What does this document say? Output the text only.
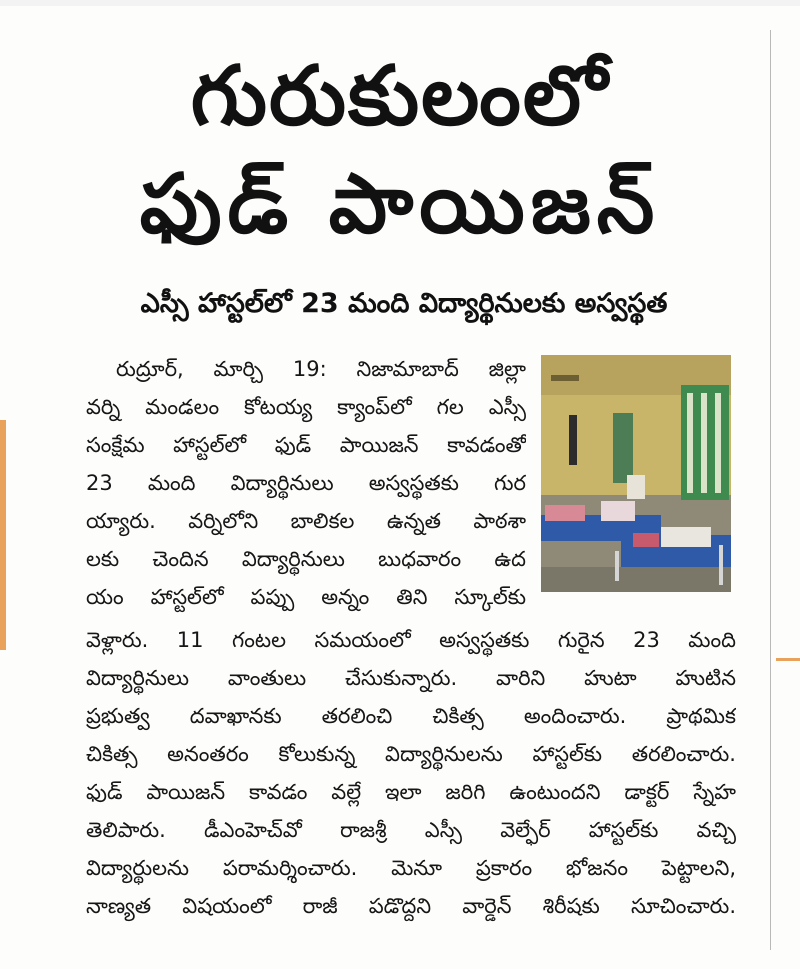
గురుకులంలో
ఫుడ్ పాయిజన్
ఎస్సీ హాస్టల్‌లో 23 మంది విద్యార్థినులకు అస్వస్థత
రుద్రూర్, మార్చి 19: నిజామాబాద్ జిల్లా
వర్ని మండలం కోటయ్య క్యాంప్‌లో గల ఎస్సీ
సంక్షేమ హాస్టల్‌లో ఫుడ్ పాయిజన్ కావడంతో
23 మంది విద్యార్థినులు అస్వస్థతకు గుర
య్యారు. వర్నిలోని బాలికల ఉన్నత పాఠశా
లకు చెందిన విద్యార్థినులు బుధవారం ఉద
యం హాస్టల్‌లో పప్పు అన్నం తిని స్కూల్‌కు
వెళ్లారు. 11 గంటల సమయంలో అస్వస్థతకు గురైన 23 మంది
విద్యార్థినులు వాంతులు చేసుకున్నారు. వారిని హుటా హుటిన
ప్రభుత్వ దవాఖానకు తరలించి చికిత్స అందించారు. ప్రాథమిక
చికిత్స అనంతరం కోలుకున్న విద్యార్థినులను హాస్టల్‌కు తరలించారు.
ఫుడ్ పాయిజన్ కావడం వల్లే ఇలా జరిగి ఉంటుందని డాక్టర్ స్నేహ
తెలిపారు. డీఎంహెచ్‌వో రాజశ్రీ ఎస్సీ వెల్ఫేర్ హాస్టల్‌కు వచ్చి
విద్యార్థులను పరామర్శించారు. మెనూ ప్రకారం భోజనం పెట్టాలని,
నాణ్యత విషయంలో రాజీ పడొద్దని వార్డెన్ శిరీషకు సూచించారు.
